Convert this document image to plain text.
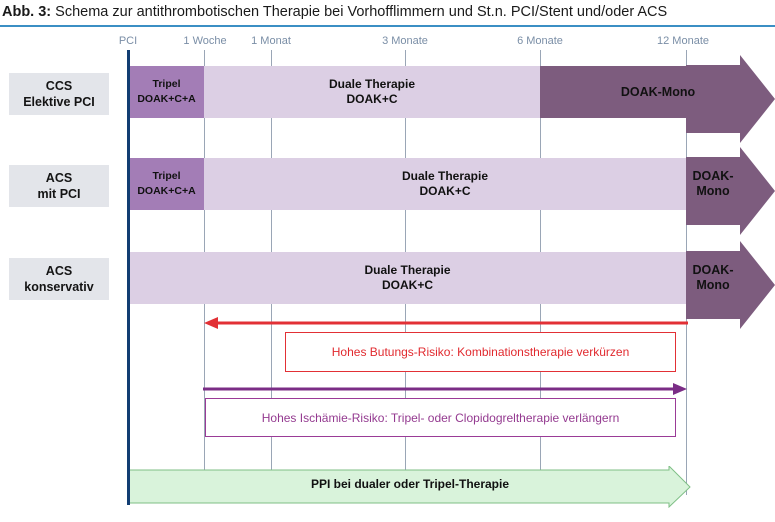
Abb. 3: Schema zur antithrombotischen Therapie bei Vorhofflimmern und St.n. PCI/Stent und/oder ACS
PCI	1 Woche 1 Monat	3 Monate	6 Monate	12 Monate
CCS
Elektive PCI
Tripel
DOAK+C+A
Duale Therapie
DOAK+C
DOAK-Mono
ACS
mit PCI
Tripel
DOAK+C+A
Duale Therapie
DOAK+C
DOAK-
Mono
ACS
konservativ
Duale Therapie
DOAK+C
DOAK-
Mono
Hohes Butungs-Risiko: Kombinationstherapie verkürzen
Hohes Ischämie-Risiko: Tripel- oder Clopidogreltherapie verlängern
PPI bei dualer oder Tripel-Therapie
